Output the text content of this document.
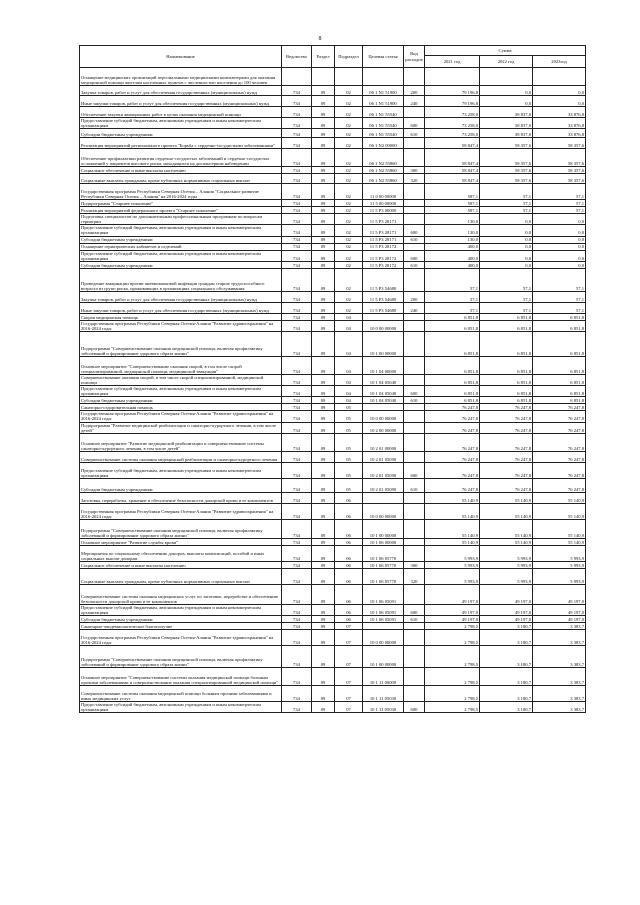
8
Наименование	Ведомство	Раздел	Подраздел	Целевая статья	Вид расходов	Сумма		
						2021 год	2022 год	2023год
Оснащение медицинских организаций персональными медицинскими компьютерами для оказания медицинской помощи жителям населенных пунктов с численностью населения до 100 человек								
Закупка товаров, работ и услуг для обеспечения государственных (муниципальных) нужд	734	09	02	06 1 N1 51900	200	79 196,8	0,0	0,0
Иные закупки товаров, работ и услуг для обеспечения государственных (муниципальных) нужд	734	09	02	06 1 N1 51900	240	79 196,8	0,0	0,0
Обеспечение закупки авиационных работ в целях оказания медицинской помощи	734	09	02	06 1 N1 55540		73 258,0	38 837,0	33 876,8
Предоставление субсидий бюджетным, автономным учреждениям и иным некоммерческим организациям	734	09	02	06 1 N1 55540	600	73 258,0	38 837,0	33 876,8
Субсидии бюджетным учреждениям	734	09	02	06 1 N1 55540	610	73 258,0	38 837,0	33 876,8
Реализация мероприятий регионального проекта "Борьба с сердечно-сосудистыми заболеваниями"	734	09	02	06 1 N2 00000		58 847,4	58 357,6	58 357,6
Обеспечение профилактики развития сердечно-сосудистых заболеваний и сердечно-сосудистых осложнений у пациентов высокого риска, находящихся на диспансерном наблюдении	734	09	02	06 1 N2 55860		58 847,4	58 357,6	58 357,6
Социальное обеспечение и иные выплаты населению	734	09	02	06 1 N2 55860	300	58 847,4	58 357,6	58 357,6
Социальные выплаты гражданам, кроме публичных нормативных социальных выплат	734	09	02	06 1 N2 55860	320	58 847,4	58 357,6	58 357,6
Государственная программа Республики Северная Осетия – Алания "Социальное развитие Республики Северная Осетия – Алания" на 2016-2024 годы	734	09	02	11 0 00 00000		587,1	57,1	57,1
Подпрограмма "Старшее поколение"	734	09	02	11 5 00 00000		587,1	57,1	57,1
Реализация мероприятий федерального проекта "Старшее поколение"	734	09	02	11 5 P3 00000		587,1	57,1	57,1
Подготовка специалистов по дополнительным профессиональным программам по вопросам гериатрии	734	09	02	11 5 P3 28171		130,0	0,0	0,0
Предоставление субсидий бюджетным, автономным учреждениям и иным некоммерческим организациям	734	09	02	11 5 P3 28171	600	130,0	0,0	0,0
Субсидии бюджетным учреждениям	734	09	02	11 5 P3 28171	610	130,0	0,0	0,0
Оснащение гериатрических кабинетов и отделений	734	09	02	11 5 P3 28172		400,0	0,0	0,0
Предоставление субсидий бюджетным, автономным учреждениям и иным некоммерческим организациям	734	09	02	11 5 P3 28172	600	400,0	0,0	0,0
Субсидии бюджетным учреждениям	734	09	02	11 5 P3 28172	610	400,0	0,0	0,0
Проведение вакцинации против пневмококковой инфекции граждан старше трудоспособного возраста из групп риска, проживающих в организациях социального обслуживания	734	09	02	11 5 P3 54680		57,1	57,1	57,1
Закупка товаров, работ и услуг для обеспечения государственных (муниципальных) нужд	734	09	02	11 5 P3 54680	200	57,1	57,1	57,1
Иные закупки товаров, работ и услуг для обеспечения государственных (муниципальных) нужд	734	09	02	11 5 P3 54680	240	57,1	57,1	57,1
Скорая медицинская помощь	734	09	04			6 851,8	6 851,8	6 851,8
Государственная программа Республики Северная Осетия-Алания "Развитие здравоохранения" на 2016-2024 годы	734	09	04	10 0 00 00000		6 851,8	6 851,8	6 851,8
Подпрограмма "Совершенствование оказания медицинской помощи, включая профилактику заболеваний и формирование здорового образа жизни"	734	09	04	10 1 00 00000		6 851,8	6 851,8	6 851,8
Основное мероприятие "Совершенствование оказания скорой, в том числе скорой специализированной, медицинской помощи, медицинской эвакуации"	734	09	04	10 1 04 00000		6 851,8	6 851,8	6 851,8
Совершенствование оказания скорой, в том числе скорой специализированной, медицинской помощи	734	09	04	10 1 04 05040		6 851,8	6 851,8	6 851,8
Предоставление субсидий бюджетным, автономным учреждениям и иным некоммерческим организациям	734	09	04	10 1 04 05040	600	6 851,8	6 851,8	6 851,8
Субсидии бюджетным учреждениям	734	09	04	10 1 04 05040	610	6 851,8	6 851,8	6 851,8
Санаторно-оздоровительная помощь	734	09	05			76 247,8	76 247,8	76 247,8
Государственная программа Республики Северная Осетия-Алания "Развитие здравоохранения" на 2016-2024 годы	734	09	05	10 0 00 00000		76 247,8	76 247,8	76 247,8
Подпрограмма "Развитие медицинской реабилитации и санаторно-курортного лечения, в том числе детей"	734	09	05	10 2 00 00000		76 247,8	76 247,8	76 247,8
Основное мероприятие "Развитие медицинской реабилитации и совершенствование системы санаторно-курортного лечения, в том числе детей"	734	09	05	10 2 01 00000		76 247,8	76 247,8	76 247,8
Совершенствование системы оказания медицинской реабилитации и санаторно-курортного лечения	734	09	05	10 2 01 05090		76 247,8	76 247,8	76 247,8
Предоставление субсидий бюджетным, автономным учреждениям и иным некоммерческим организациям	734	09	05	10 2 01 05090	600	76 247,8	76 247,8	76 247,8
Субсидии бюджетным учреждениям	734	09	05	10 2 01 05090	610	76 247,8	76 247,8	76 247,8
Заготовка, переработка, хранение и обеспечение безопасности донорской крови и ее компонентов	734	09	06			55 140,9	55 140,9	55 140,9
Государственная программа Республики Северная Осетия-Алания "Развитие здравоохранения" на 2016-2024 годы	734	09	06	10 0 00 00000		55 140,9	55 140,9	55 140,9
Подпрограмма "Совершенствование оказания медицинской помощи, включая профилактику заболеваний и формирование здорового образа жизни"	734	09	06	10 1 00 00000		55 140,9	55 140,9	55 140,9
Основное мероприятие "Развитие службы крови"	734	09	06	10 1 06 00000		55 140,9	55 140,9	55 140,9
Мероприятия по социальному обеспечению доноров, выплаты компенсаций, пособий и иных социальных выплат донорам	734	09	06	10 1 06 05770		5 993,9	5 993,9	5 993,9
Социальное обеспечение и иные выплаты населению	734	09	06	10 1 06 05770	300	5 993,9	5 993,9	5 993,9
Социальные выплаты гражданам, кроме публичных нормативных социальных выплат	734	09	06	10 1 06 05770	320	5 993,9	5 993,9	5 993,9
Совершенствование системы оказания медицинских услуг по заготовке, переработке и обеспечению безопасности донорской крови и ее компонентов	734	09	06	10 1 06 05091		49 197,0	49 197,0	49 197,0
Предоставление субсидий бюджетным, автономным учреждениям и иным некоммерческим организациям	734	09	06	10 1 06 05091	600	49 197,0	49 197,0	49 197,0
Субсидии бюджетным учреждениям	734	09	06	10 1 06 05091	610	49 197,0	49 197,0	49 197,0
Санитарно-эпидемиологическое благополучие	734	09	07			2 798,5	3 180,7	3 383,7
Государственная программа Республики Северная Осетия-Алания "Развитие здравоохранения" на 2016-2024 годы	734	09	07	10 0 00 00000		2 798,5	3 180,7	3 383,7
Подпрограмма "Совершенствование оказания медицинской помощи, включая профилактику заболеваний и формирование здорового образа жизни"	734	09	07	10 1 00 00000		2 798,5	3 180,7	3 383,7
Основное мероприятие "Совершенствование системы оказания медицинской помощи больным прочими заболеваниями и совершенствование оказания специализированной медицинской помощи"	734	09	07	10 1 11 00000		2 798,5	3 180,7	3 383,7
Совершенствование системы оказания медицинской помощи больным прочими заболеваниями и иных медицинских услуг	734	09	07	10 1 11 05030		2 798,5	3 180,7	3 383,7
Предоставление субсидий бюджетным, автономным учреждениям и иным некоммерческим организациям	734	09	07	10 1 11 05030	600	2 798,5	3 180,7	3 383,7
